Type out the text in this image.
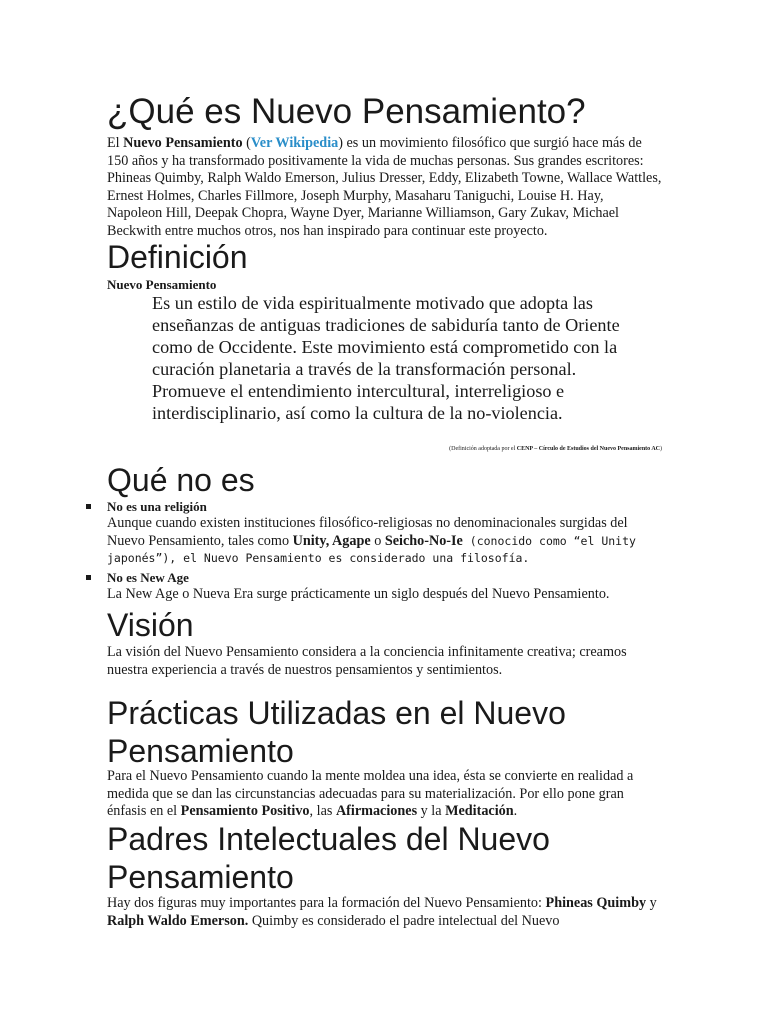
¿Qué es Nuevo Pensamiento?

El Nuevo Pensamiento (Ver Wikipedia) es un movimiento filosófico que surgió hace más de 150 años y ha transformado positivamente la vida de muchas personas. Sus grandes escritores: Phineas Quimby, Ralph Waldo Emerson, Julius Dresser, Eddy, Elizabeth Towne, Wallace Wattles, Ernest Holmes, Charles Fillmore, Joseph Murphy, Masaharu Taniguchi, Louise H. Hay, Napoleon Hill, Deepak Chopra, Wayne Dyer, Marianne Williamson, Gary Zukav, Michael Beckwith entre muchos otros, nos han inspirado para continuar este proyecto.

Definición
Nuevo Pensamiento
Es un estilo de vida espiritualmente motivado que adopta las enseñanzas de antiguas tradiciones de sabiduría tanto de Oriente como de Occidente. Este movimiento está comprometido con la curación planetaria a través de la transformación personal. Promueve el entendimiento intercultural, interreligioso e interdisciplinario, así como la cultura de la no-violencia.
(Definición adoptada por el CENP – Círculo de Estudios del Nuevo Pensamiento AC)
Qué no es
No es una religión

Aunque cuando existen instituciones filosófico-religiosas no denominacionales surgidas del Nuevo Pensamiento, tales como Unity, Agape o Seicho-No-Ie (conocido como “el Unity japonés”), el Nuevo Pensamiento es considerado una filosofía.

No es New Age

La New Age o Nueva Era surge prácticamente un siglo después del Nuevo Pensamiento.

Visión

La visión del Nuevo Pensamiento considera a la conciencia infinitamente creativa; creamos nuestra experiencia a través de nuestros pensamientos y sentimientos.

Prácticas Utilizadas en el Nuevo Pensamiento

Para el Nuevo Pensamiento cuando la mente moldea una idea, ésta se convierte en realidad a medida que se dan las circunstancias adecuadas para su materialización. Por ello pone gran énfasis en el Pensamiento Positivo, las Afirmaciones y la Meditación.

Padres Intelectuales del Nuevo Pensamiento

Hay dos figuras muy importantes para la formación del Nuevo Pensamiento: Phineas Quimby y Ralph Waldo Emerson. Quimby es considerado el padre intelectual del Nuevo
